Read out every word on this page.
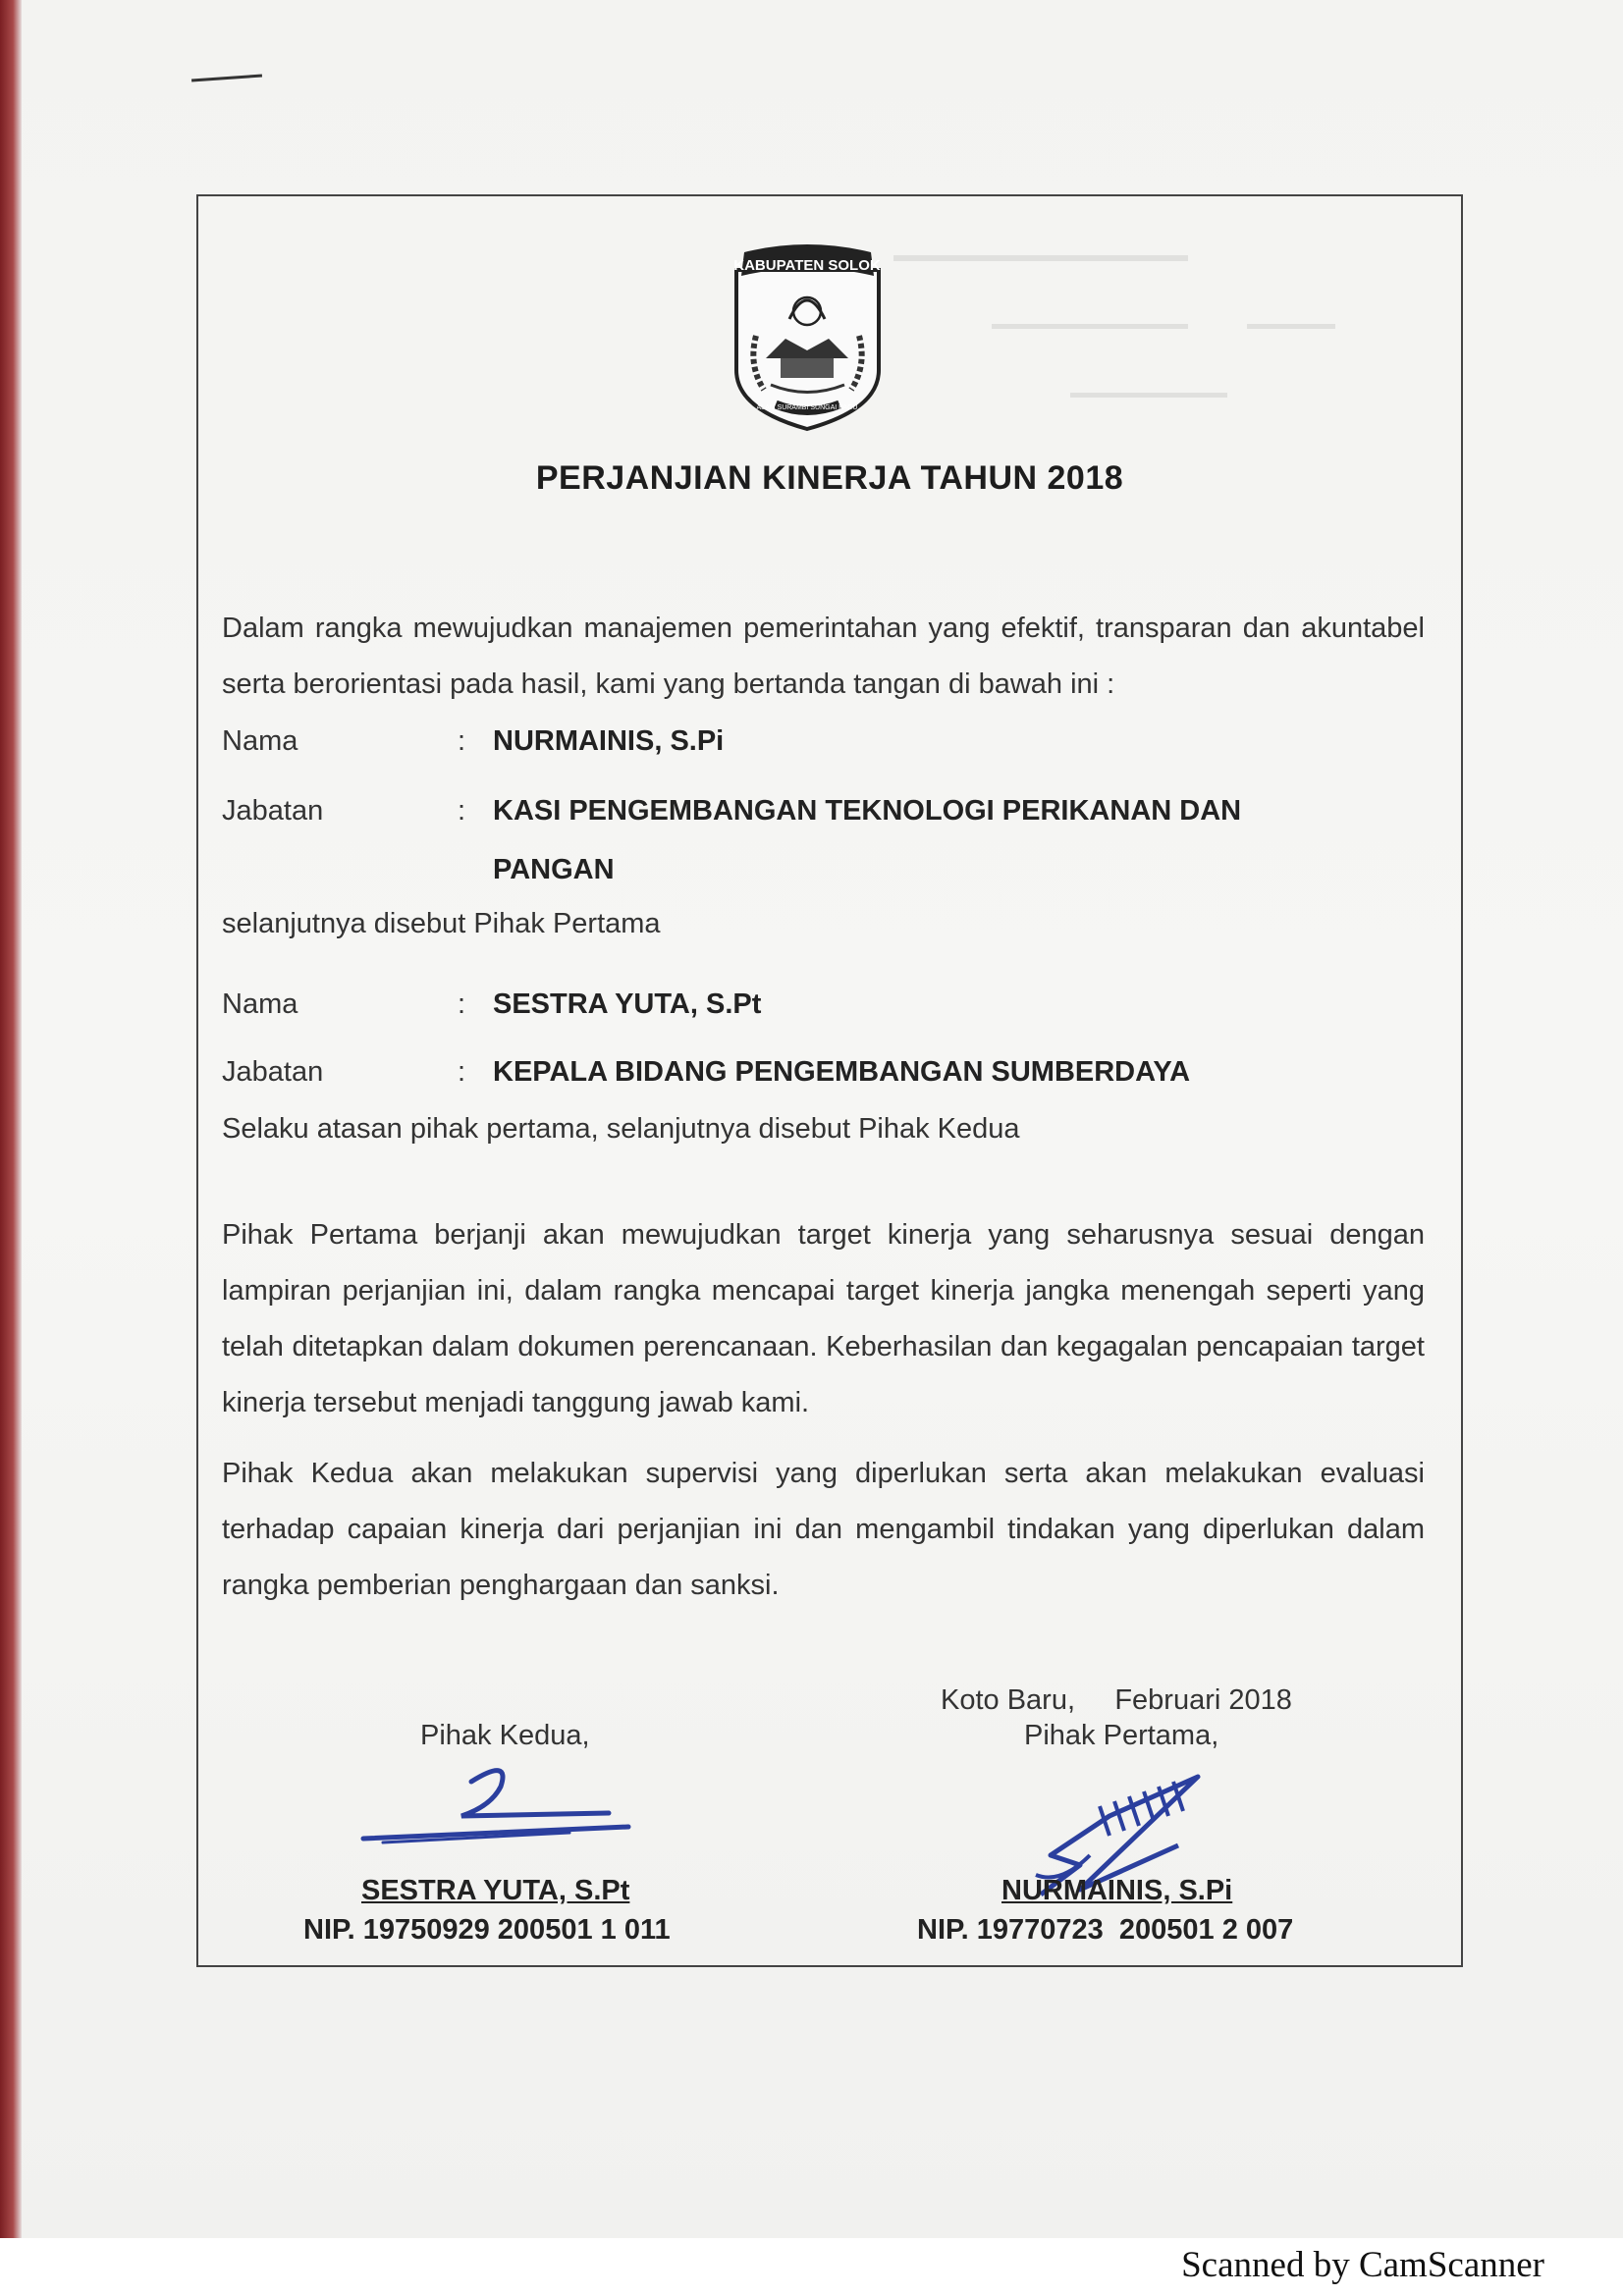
KABUPATEN SOLOK
ALAM SURAMBI SUNGAI PAGU
PERJANJIAN KINERJA TAHUN 2018
Dalam rangka mewujudkan manajemen pemerintahan yang efektif, transparan dan akuntabel serta berorientasi pada hasil, kami yang bertanda tangan di bawah ini :
Nama	: NURMAINIS, S.Pi
Jabatan	: KASI PENGEMBANGAN TEKNOLOGI PERIKANAN DAN
PANGAN
selanjutnya disebut Pihak Pertama
Nama	: SESTRA YUTA, S.Pt
Jabatan	: KEPALA BIDANG PENGEMBANGAN SUMBERDAYA
Selaku atasan pihak pertama, selanjutnya disebut Pihak Kedua
Pihak Pertama berjanji akan mewujudkan target kinerja yang seharusnya sesuai dengan lampiran perjanjian ini, dalam rangka mencapai target kinerja jangka menengah seperti yang telah ditetapkan dalam dokumen perencanaan. Keberhasilan dan kegagalan pencapaian target kinerja tersebut menjadi tanggung jawab kami.
Pihak Kedua akan melakukan supervisi yang diperlukan serta akan melakukan evaluasi terhadap capaian kinerja dari perjanjian ini dan mengambil tindakan yang diperlukan dalam rangka pemberian penghargaan dan sanksi.
Koto Baru,     Februari 2018
Pihak Kedua,	Pihak Pertama,
SESTRA YUTA, S.Pt
NIP. 19750929 200501 1 011
NURMAINIS, S.Pi
NIP. 19770723  200501 2 007
Scanned by CamScanner
